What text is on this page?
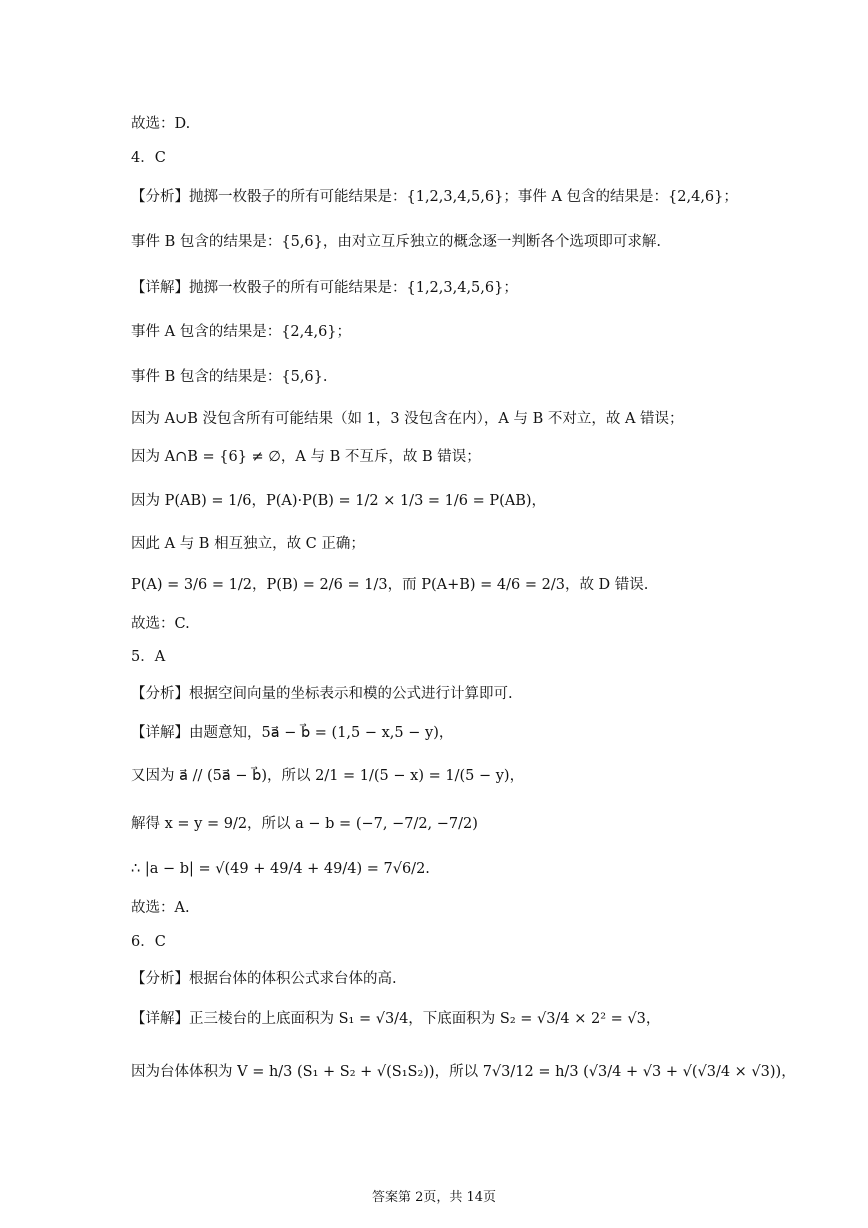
故选：D.
4．C
【分析】抛掷一枚骰子的所有可能结果是：{1,2,3,4,5,6}；事件 A 包含的结果是：{2,4,6}；
事件 B 包含的结果是：{5,6}，由对立互斥独立的概念逐一判断各个选项即可求解.
【详解】抛掷一枚骰子的所有可能结果是：{1,2,3,4,5,6}；
事件 A 包含的结果是：{2,4,6}；
事件 B 包含的结果是：{5,6}.
因为 A∪B 没包含所有可能结果（如 1，3 没包含在内），A 与 B 不对立，故 A 错误；
因为 A∩B = {6} ≠ ∅，A 与 B 不互斥，故 B 错误；
因为 P(AB) = 1/6，P(A)·P(B) = 1/2 × 1/3 = 1/6 = P(AB)，
因此 A 与 B 相互独立，故 C 正确；
P(A) = 3/6 = 1/2，P(B) = 2/6 = 1/3，而 P(A+B) = 4/6 = 2/3，故 D 错误.
故选：C.
5．A
【分析】根据空间向量的坐标表示和模的公式进行计算即可.
【详解】由题意知，5a⃗ − b⃗ = (1,5 − x,5 − y)，
又因为 a⃗ // (5a⃗ − b⃗)，所以 2/1 = 1/(5 − x) = 1/(5 − y)，
解得 x = y = 9/2，所以 a − b = (−7, −7/2, −7/2)
∴ |a − b| = √(49 + 49/4 + 49/4) = 7√6/2.
故选：A.
6．C
【分析】根据台体的体积公式求台体的高.
【详解】正三棱台的上底面积为 S₁ = √3/4，下底面积为 S₂ = √3/4 × 2² = √3，
因为台体体积为 V = h/3 (S₁ + S₂ + √(S₁S₂))，所以 7√3/12 = h/3 (√3/4 + √3 + √(√3/4 × √3))，
答案第 2页，共 14页
